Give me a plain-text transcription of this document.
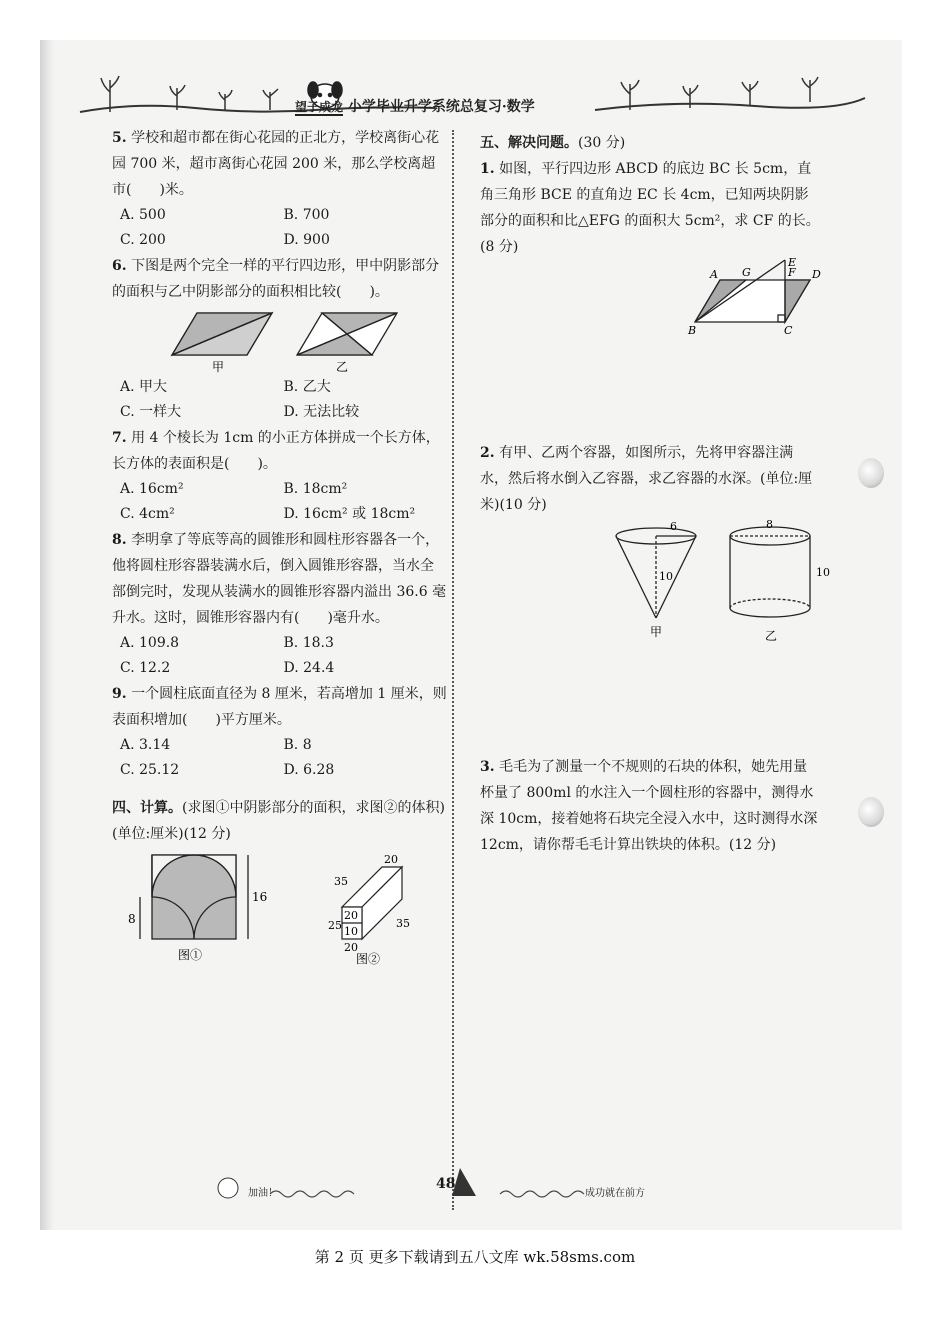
望子成龙 小学毕业升学系统总复习·数学

5. 学校和超市都在街心花园的正北方，学校离街心花园 700 米，超市离街心花园 200 米，那么学校离超市(　　)米。

A. 500	B. 700
C. 200	D. 900

6. 下图是两个完全一样的平行四边形，甲中阴影部分的面积与乙中阴影部分的面积相比较(　　)。

甲	乙
A. 甲大	B. 乙大
C. 一样大	D. 无法比较

7. 用 4 个棱长为 1cm 的小正方体拼成一个长方体，长方体的表面积是(　　)。

A. 16cm²	B. 18cm²
C. 4cm²	D. 16cm² 或 18cm²

8. 李明拿了等底等高的圆锥形和圆柱形容器各一个，他将圆柱形容器装满水后，倒入圆锥形容器，当水全部倒完时，发现从装满水的圆锥形容器内溢出 36.6 毫升水。这时，圆锥形容器内有(　　)毫升水。

A. 109.8	B. 18.3
C. 12.2	D. 24.4

9. 一个圆柱底面直径为 8 厘米，若高增加 1 厘米，则表面积增加(　　)平方厘米。

A. 3.14	B. 8
C. 25.12	D. 6.28

四、计算。(求图①中阴影部分的面积，求图②的体积)(单位:厘米)(12 分)

16
8
图①
20
35
20
25 10
35
20
图②

五、解决问题。(30 分)

1. 如图，平行四边形 ABCD 的底边 BC 长 5cm，直角三角形 BCE 的直角边 EC 长 4cm，已知两块阴影部分的面积和比△EFG 的面积大 5cm²，求 CF 的长。(8 分)

A G	F D
E
B	C

2. 有甲、乙两个容器，如图所示，先将甲容器注满水，然后将水倒入乙容器，求乙容器的水深。(单位:厘米)(10 分)

6
10
甲
8
10
乙

3. 毛毛为了测量一个不规则的石块的体积，她先用量杯量了 800ml 的水注入一个圆柱形的容器中，测得水深 10cm，接着她将石块完全浸入水中，这时测得水深 12cm，请你帮毛毛计算出铁块的体积。(12 分)

加油！
48
成功就在前方
第 2 页 更多下载请到五八文库 wk.58sms.com
